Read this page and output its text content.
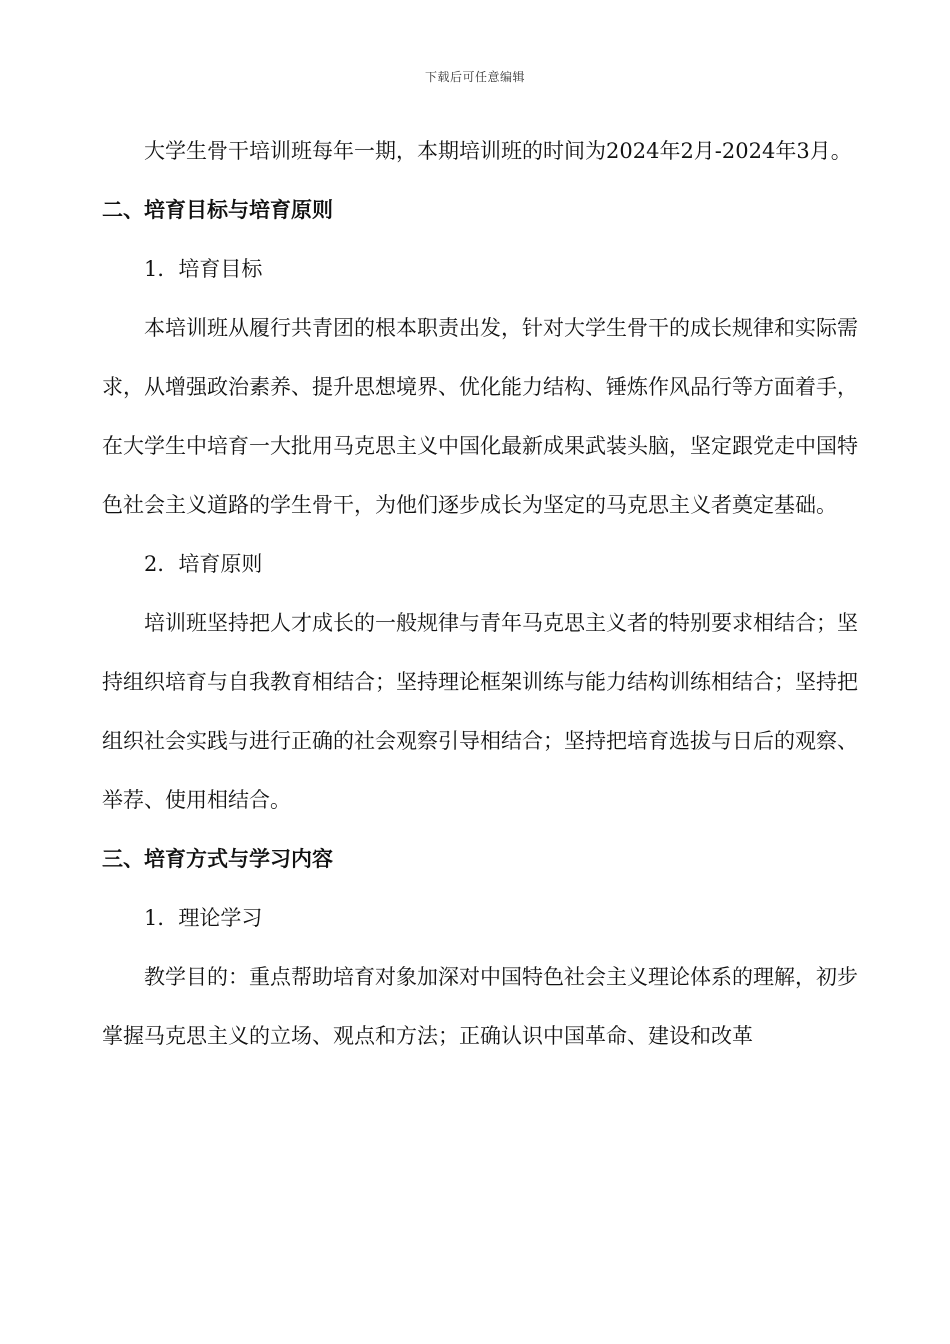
下载后可任意编辑

大学生骨干培训班每年一期，本期培训班的时间为2024年2月-2024年3月。

二、培育目标与培育原则

1．培育目标

本培训班从履行共青团的根本职责出发，针对大学生骨干的成长规律和实际需求，从增强政治素养、提升思想境界、优化能力结构、锤炼作风品行等方面着手，在大学生中培育一大批用马克思主义中国化最新成果武装头脑，坚定跟党走中国特色社会主义道路的学生骨干，为他们逐步成长为坚定的马克思主义者奠定基础。

2．培育原则

培训班坚持把人才成长的一般规律与青年马克思主义者的特别要求相结合；坚持组织培育与自我教育相结合；坚持理论框架训练与能力结构训练相结合；坚持把组织社会实践与进行正确的社会观察引导相结合；坚持把培育选拔与日后的观察、举荐、使用相结合。

三、培育方式与学习内容

1．理论学习

教学目的：重点帮助培育对象加深对中国特色社会主义理论体系的理解，初步掌握马克思主义的立场、观点和方法；正确认识中国革命、建设和改革
